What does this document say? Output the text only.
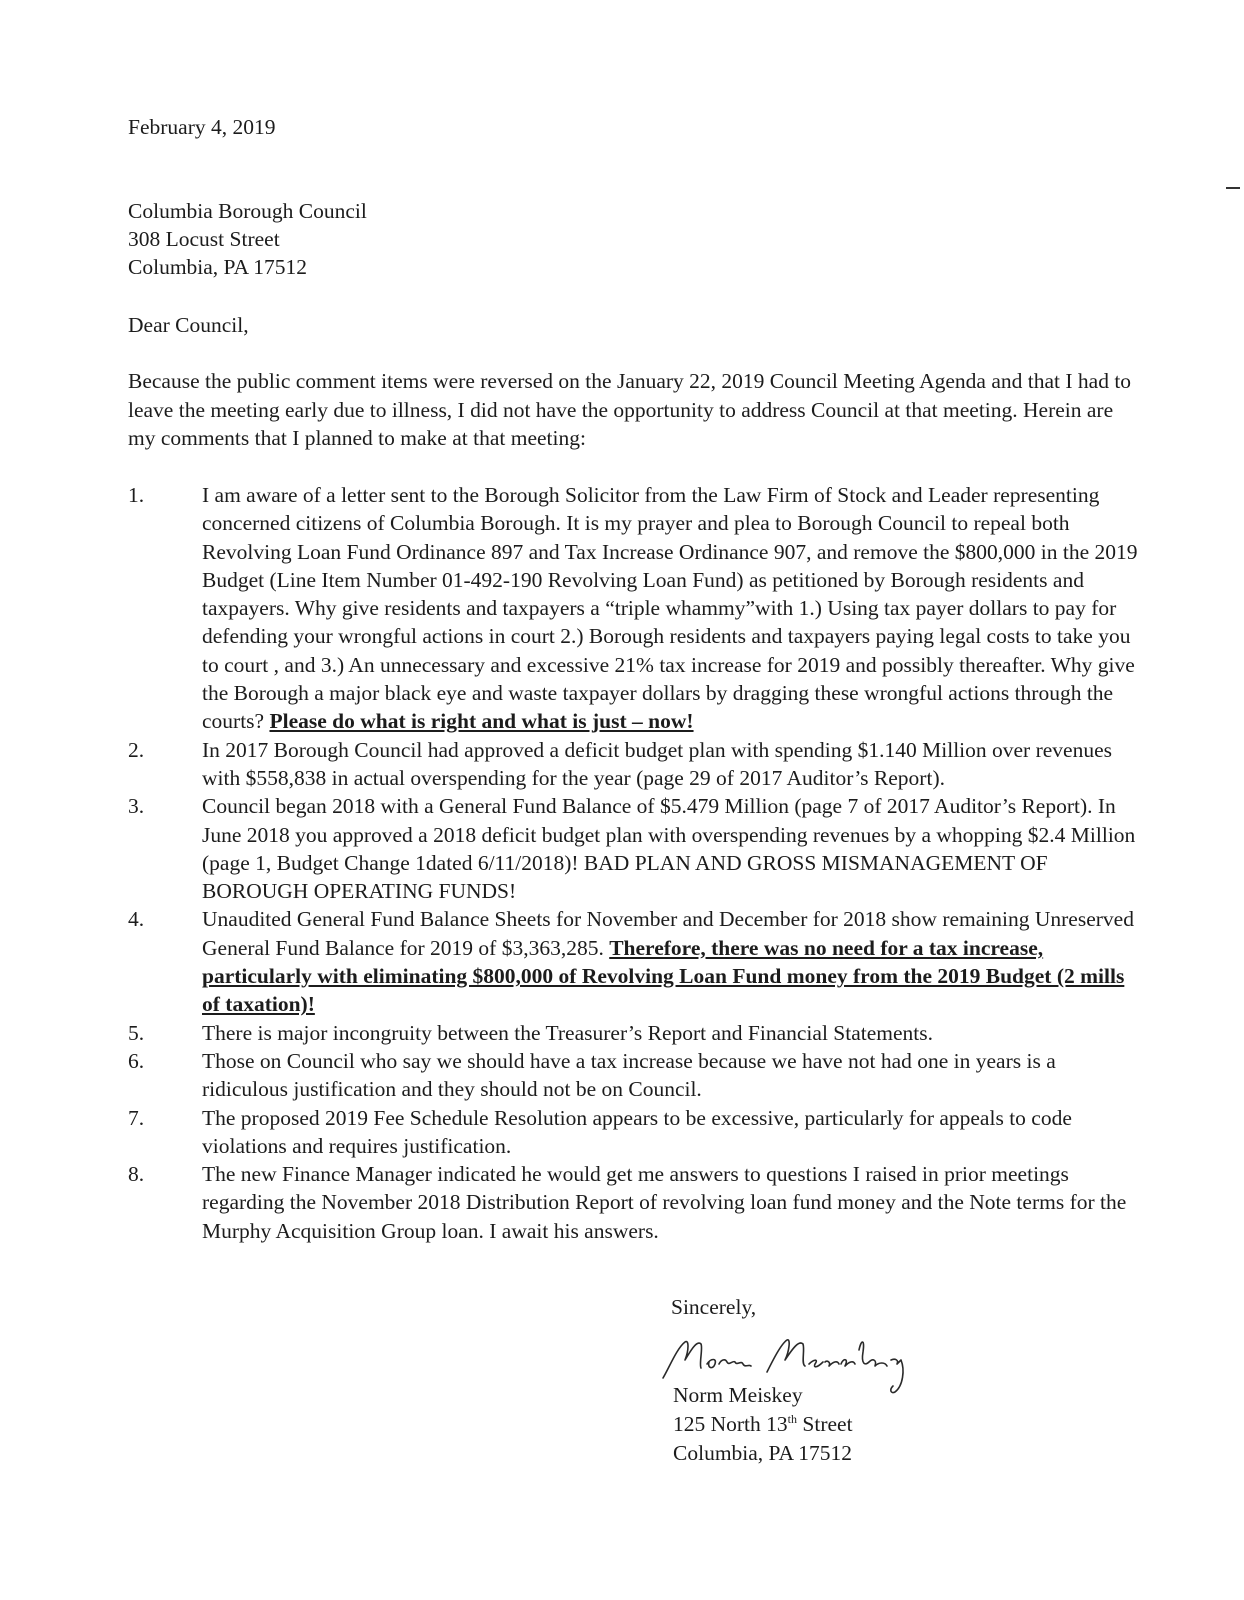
February 4, 2019
Columbia Borough Council
308 Locust Street
Columbia, PA 17512
Dear Council,
Because the public comment items were reversed on the January 22, 2019 Council Meeting Agenda and that I had to leave the meeting early due to illness, I did not have the opportunity to address Council at that meeting. Herein are my comments that I planned to make at that meeting:
1.	I am aware of a letter sent to the Borough Solicitor from the Law Firm of Stock and Leader representing concerned citizens of Columbia Borough. It is my prayer and plea to Borough Council to repeal both Revolving Loan Fund Ordinance 897 and Tax Increase Ordinance 907, and remove the $800,000 in the 2019 Budget (Line Item Number 01-492-190 Revolving Loan Fund) as petitioned by Borough residents and taxpayers. Why give residents and taxpayers a “triple whammy”with 1.) Using tax payer dollars to pay for defending your wrongful actions in court 2.) Borough residents and taxpayers paying legal costs to take you to court , and 3.) An unnecessary and excessive 21% tax increase for 2019 and possibly thereafter. Why give the Borough a major black eye and waste taxpayer dollars by dragging these wrongful actions through the courts? Please do what is right and what is just – now!
2.	In 2017 Borough Council had approved a deficit budget plan with spending $1.140 Million over revenues with $558,838 in actual overspending for the year (page 29 of 2017 Auditor’s Report).
3.	Council began 2018 with a General Fund Balance of $5.479 Million (page 7 of 2017 Auditor’s Report). In June 2018 you approved a 2018 deficit budget plan with overspending revenues by a whopping $2.4 Million (page 1, Budget Change 1dated 6/11/2018)! BAD PLAN AND GROSS MISMANAGEMENT OF BOROUGH OPERATING FUNDS!
4.	Unaudited General Fund Balance Sheets for November and December for 2018 show remaining Unreserved General Fund Balance for 2019 of $3,363,285. Therefore, there was no need for a tax increase, particularly with eliminating $800,000 of Revolving Loan Fund money from the 2019 Budget (2 mills of taxation)!
5.	There is major incongruity between the Treasurer’s Report and Financial Statements.
6.	Those on Council who say we should have a tax increase because we have not had one in years is a ridiculous justification and they should not be on Council.
7.	The proposed 2019 Fee Schedule Resolution appears to be excessive, particularly for appeals to code violations and requires justification.
8.	The new Finance Manager indicated he would get me answers to questions I raised in prior meetings regarding the November 2018 Distribution Report of revolving loan fund money and the Note terms for the Murphy Acquisition Group loan. I await his answers.
Sincerely,
Norm Meiskey
125 North 13th Street
Columbia, PA 17512
